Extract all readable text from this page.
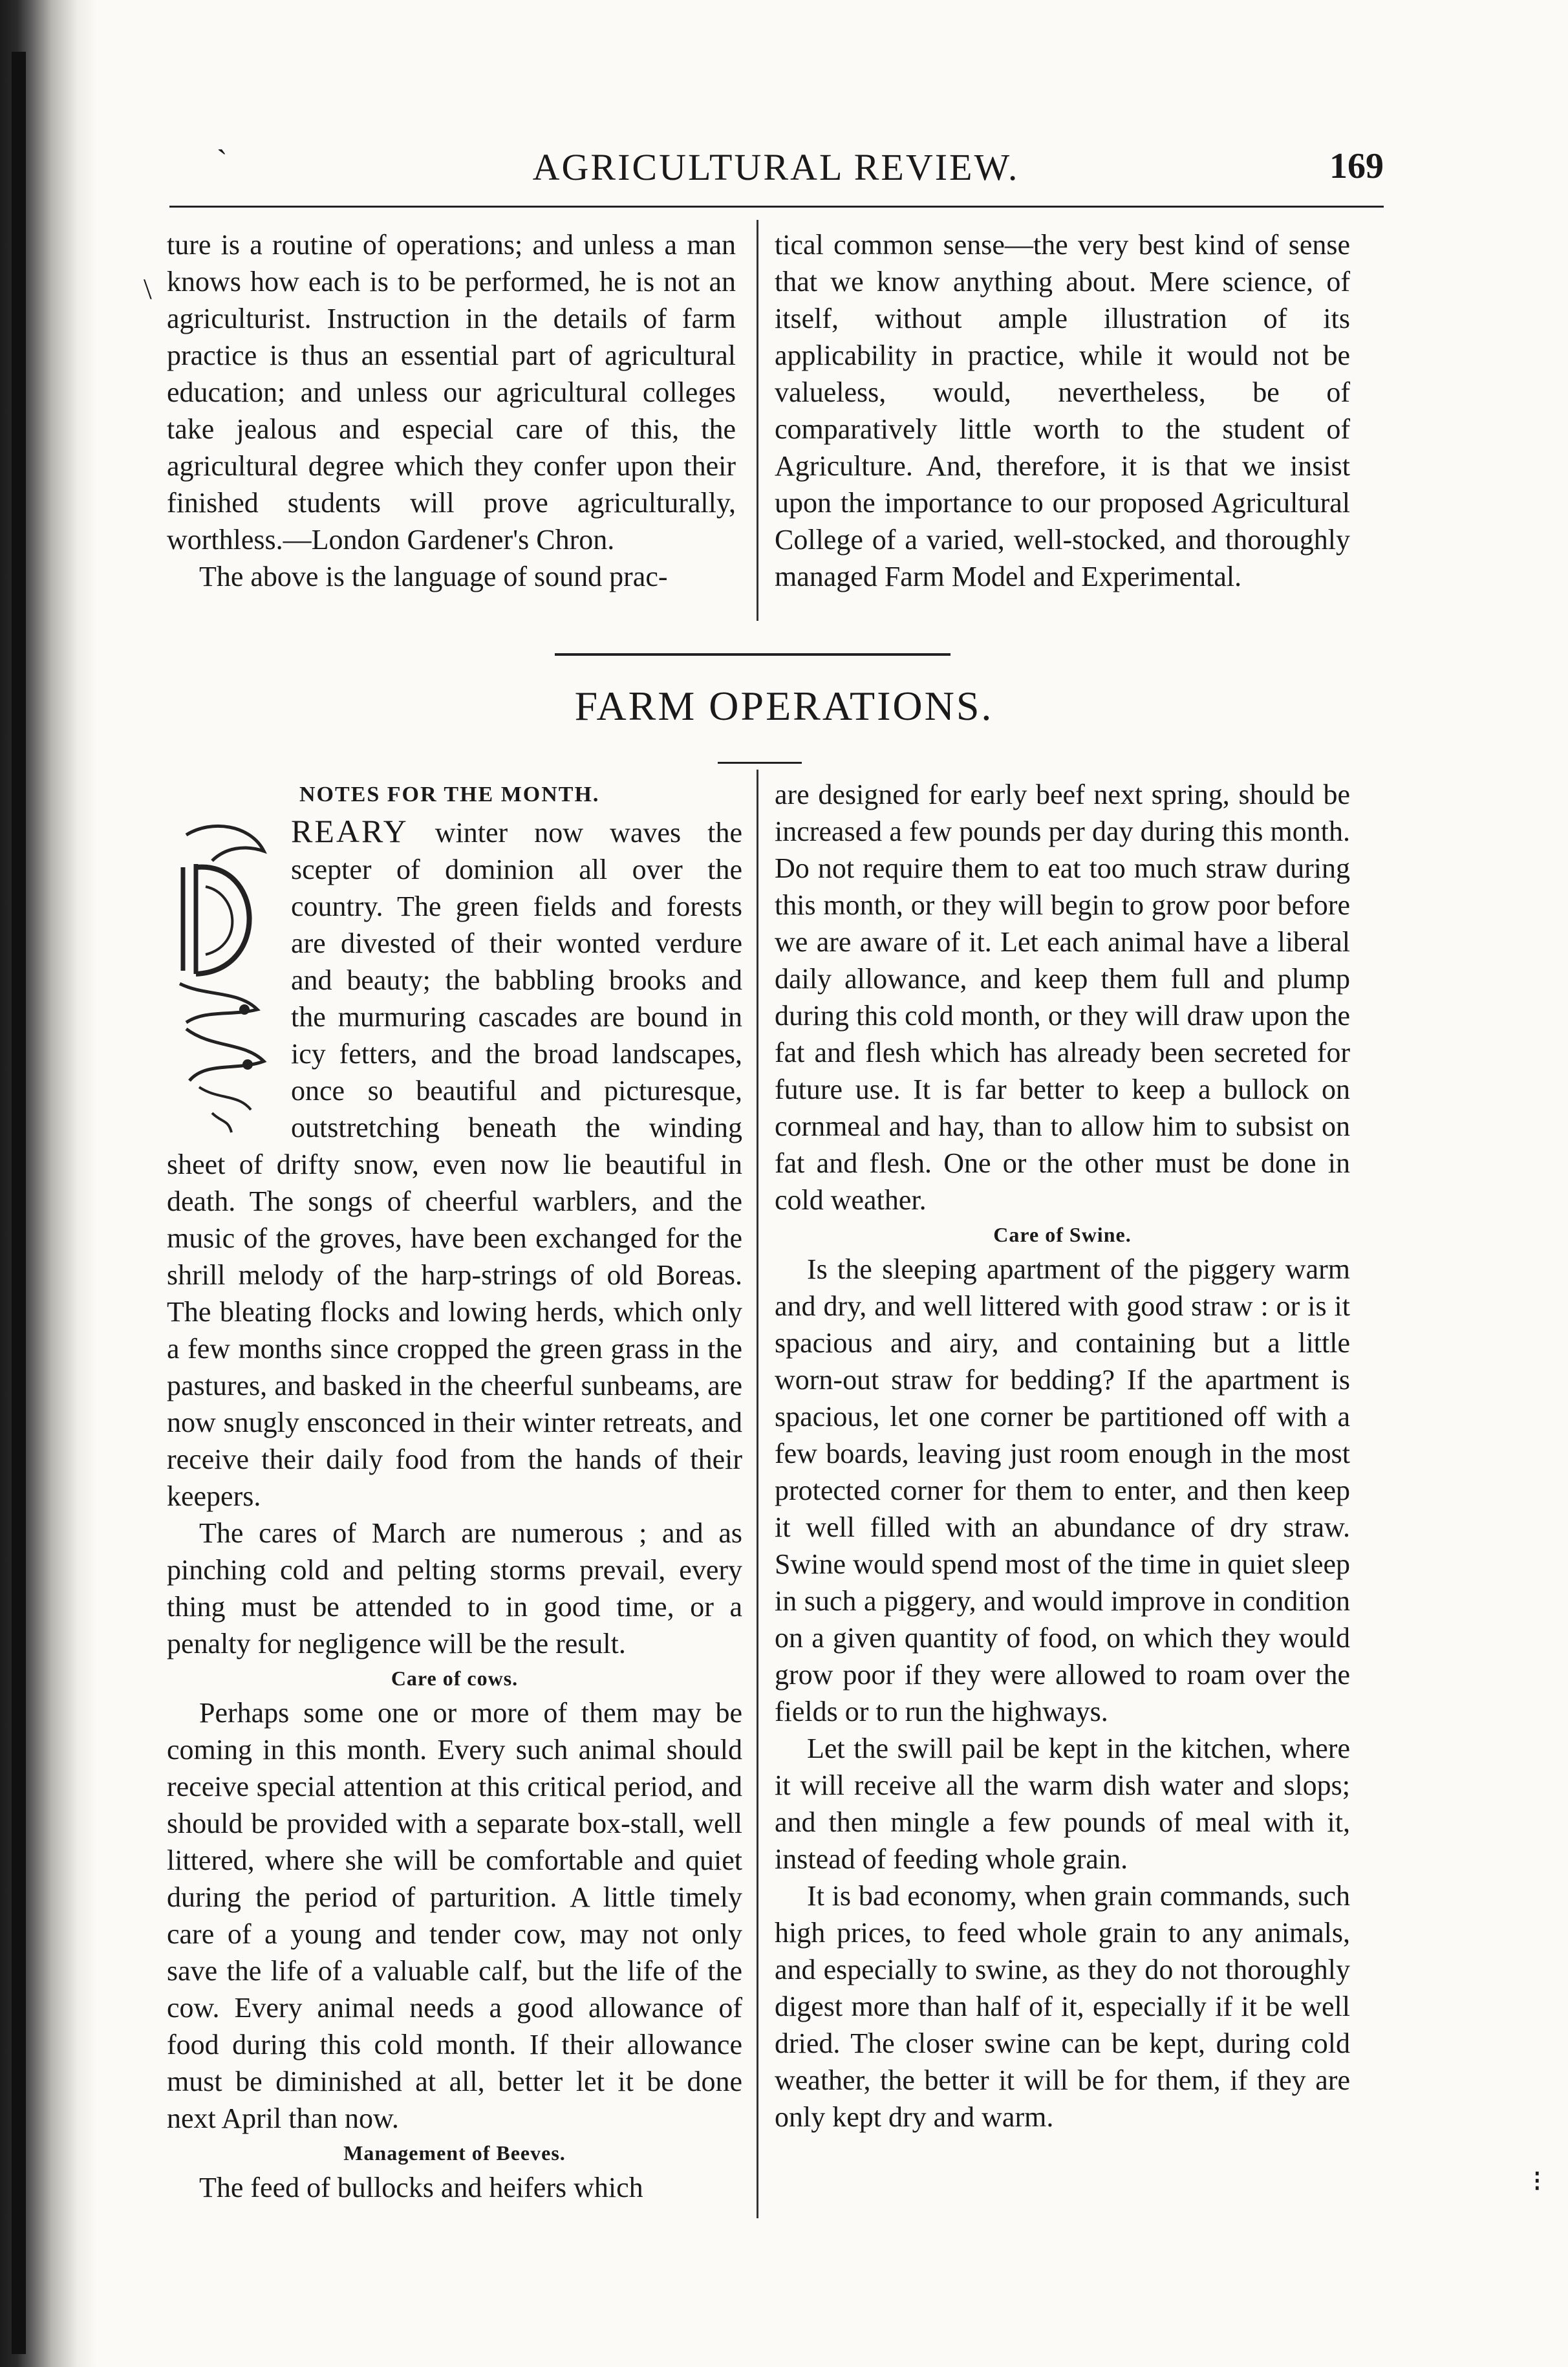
ˋ	AGRICULTURAL REVIEW.	169
\

ture is a routine of operations; and unless a man knows how each is to be performed, he is not an agriculturist. Instruction in the details of farm practice is thus an essential part of agricultural education; and unless our agricultural colleges take jealous and especial care of this, the agricultural degree which they confer upon their finished students will prove agriculturally, worthless.—London Gardener's Chron.

The above is the language of sound prac-

tical common sense—the very best kind of sense that we know anything about. Mere science, of itself, without ample illustration of its applicability in practice, while it would not be valueless, would, nevertheless, be of comparatively little worth to the student of Agriculture. And, therefore, it is that we insist upon the importance to our proposed Agricultural College of a varied, well-stocked, and thoroughly managed Farm Model and Experimental.

FARM OPERATIONS.

NOTES FOR THE MONTH.

REARY winter now waves the scepter of dominion all over the country. The green fields and forests are divested of their wonted verdure and beauty; the babbling brooks and the murmuring cascades are bound in icy fetters, and the broad landscapes, once so beautiful and picturesque, outstretching beneath the winding sheet of drifty snow, even now lie beautiful in death. The songs of cheerful warblers, and the music of the groves, have been exchanged for the shrill melody of the harp-strings of old Boreas. The bleating flocks and lowing herds, which only a few months since cropped the green grass in the pastures, and basked in the cheerful sunbeams, are now snugly ensconced in their winter retreats, and receive their daily food from the hands of their keepers.

The cares of March are numerous ; and as pinching cold and pelting storms prevail, every thing must be attended to in good time, or a penalty for negligence will be the result.

Care of cows.

Perhaps some one or more of them may be coming in this month. Every such animal should receive special attention at this critical period, and should be provided with a separate box-stall, well littered, where she will be comfortable and quiet during the period of parturition. A little timely care of a young and tender cow, may not only save the life of a valuable calf, but the life of the cow. Every animal needs a good allowance of food during this cold month. If their allowance must be diminished at all, better let it be done next April than now.

Management of Beeves.

The feed of bullocks and heifers which

are designed for early beef next spring, should be increased a few pounds per day during this month. Do not require them to eat too much straw during this month, or they will begin to grow poor before we are aware of it. Let each animal have a liberal daily allowance, and keep them full and plump during this cold month, or they will draw upon the fat and flesh which has already been secreted for future use. It is far better to keep a bullock on cornmeal and hay, than to allow him to subsist on fat and flesh. One or the other must be done in cold weather.

Care of Swine.

Is the sleeping apartment of the piggery warm and dry, and well littered with good straw : or is it spacious and airy, and containing but a little worn-out straw for bedding? If the apartment is spacious, let one corner be partitioned off with a few boards, leaving just room enough in the most protected corner for them to enter, and then keep it well filled with an abundance of dry straw. Swine would spend most of the time in quiet sleep in such a piggery, and would improve in condition on a given quantity of food, on which they would grow poor if they were allowed to roam over the fields or to run the highways.

Let the swill pail be kept in the kitchen, where it will receive all the warm dish water and slops; and then mingle a few pounds of meal with it, instead of feeding whole grain.

It is bad economy, when grain commands, such high prices, to feed whole grain to any animals, and especially to swine, as they do not thoroughly digest more than half of it, especially if it be well dried. The closer swine can be kept, during cold weather, the better it will be for them, if they are only kept dry and warm.

⁝
